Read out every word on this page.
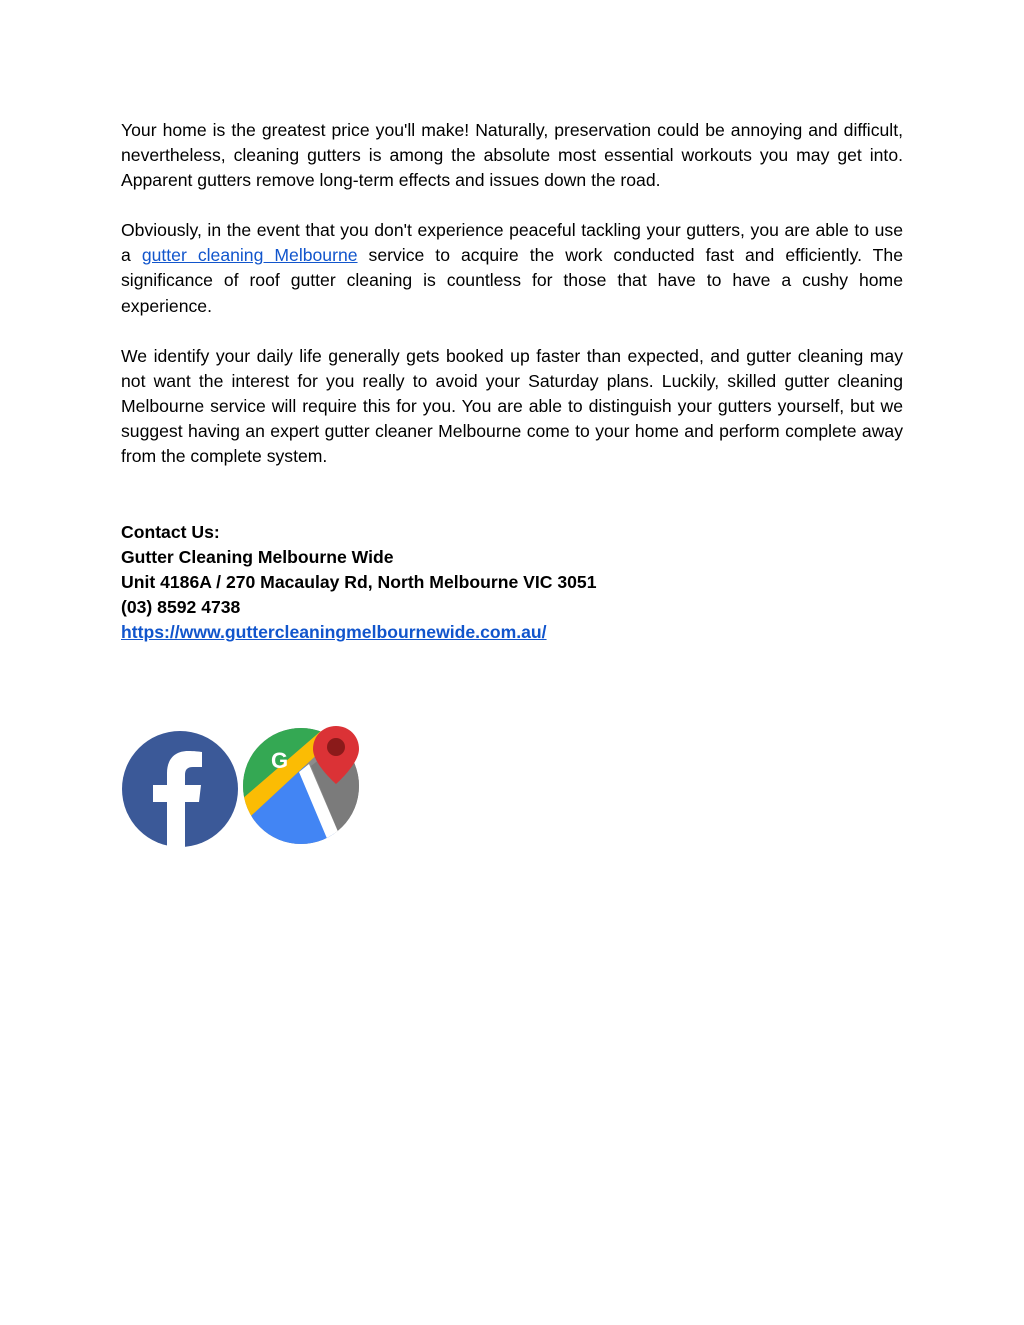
Your home is the greatest price you'll make! Naturally, preservation could be annoying and difficult, nevertheless, cleaning gutters is among the absolute most essential workouts you may get into. Apparent gutters remove long-term effects and issues down the road.

Obviously, in the event that you don't experience peaceful tackling your gutters, you are able to use a gutter cleaning Melbourne service to acquire the work conducted fast and efficiently. The significance of roof gutter cleaning is countless for those that have to have a cushy home experience.

We identify your daily life generally gets booked up faster than expected, and gutter cleaning may not want the interest for you really to avoid your Saturday plans. Luckily, skilled gutter cleaning Melbourne service will require this for you. You are able to distinguish your gutters yourself, but we suggest having an expert gutter cleaner Melbourne come to your home and perform complete away from the complete system.

Contact Us:
Gutter Cleaning Melbourne Wide
Unit 4186A / 270 Macaulay Rd, North Melbourne VIC 3051
(03) 8592 4738
https://www.guttercleaningmelbournewide.com.au/
G
